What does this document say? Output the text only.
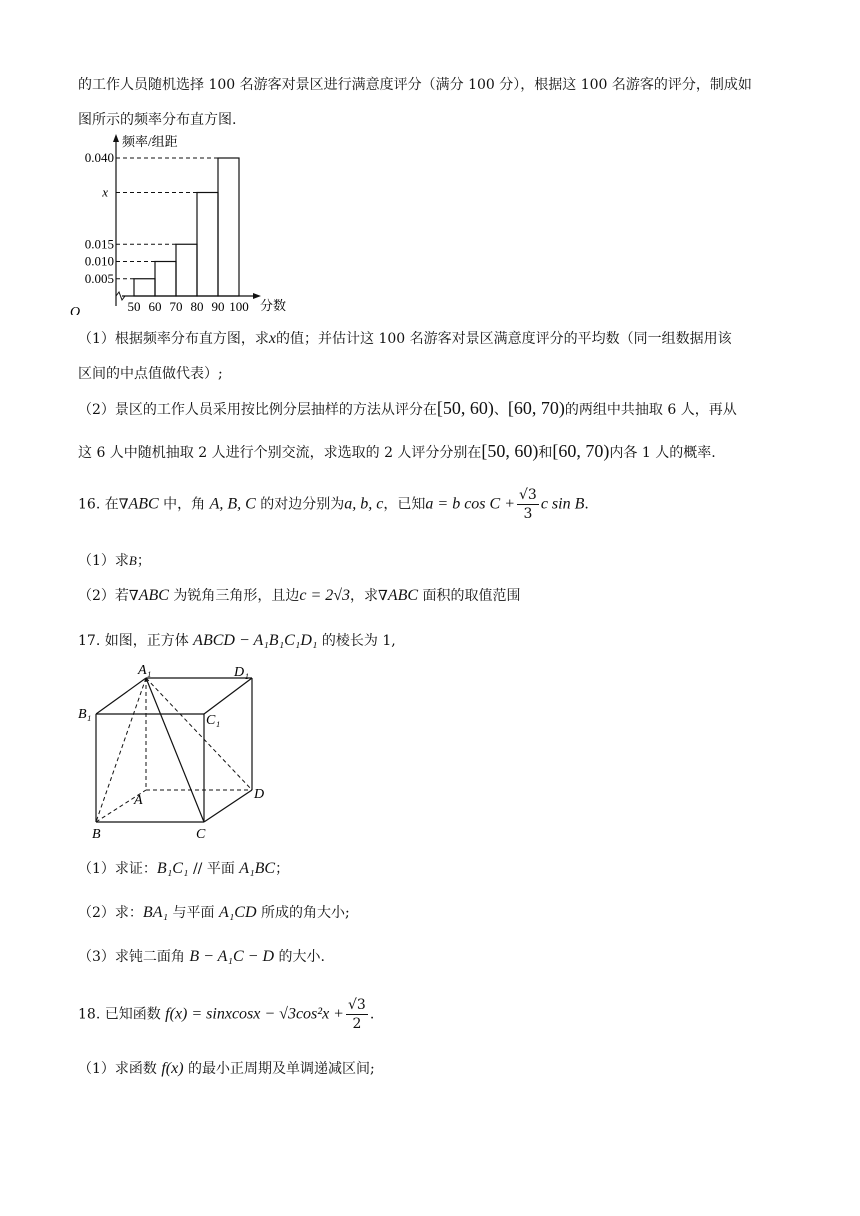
的工作人员随机选择 100 名游客对景区进行满意度评分（满分 100 分），根据这 100 名游客的评分，制成如
图所示的频率分布直方图.
频率/组距
O	分数
0.040
x
0.015
0.010
0.005
50 60 70 80 90 100
（1）根据频率分布直方图，求x的值；并估计这 100 名游客对景区满意度评分的平均数（同一组数据用该
区间的中点值做代表）;
（2）景区的工作人员采用按比例分层抽样的方法从评分在[50, 60)、[60, 70)的两组中共抽取 6 人，再从
这 6 人中随机抽取 2 人进行个别交流，求选取的 2 人评分分别在[50, 60)和[60, 70)内各 1 人的概率.
16. 在∇ABC 中，角 A, B, C 的对边分别为a, b, c，已知a = b $\cos C + \frac{√3}{3}$ c sin B.
（1）求B；
（2）若∇ABC 为锐角三角形，且边c = 2√3，求∇ABC 面积的取值范围
17. 如图，正方体 ABCD − A₁B₁C₁D₁ 的棱长为 1,
A₁	D₁
B₁	C₁
A	D
B	C
（1）求证：B₁C₁ // 平面 A₁BC；
（2）求：BA₁ 与平面 A₁CD 所成的角大小;
（3）求钝二面角 B − A₁C − D 的大小.
18. 已知函数 f(x) = sinxcosx − $√3\cos^2x + \frac{√3}{2}$ .
（1）求函数 f(x) 的最小正周期及单调递减区间;
